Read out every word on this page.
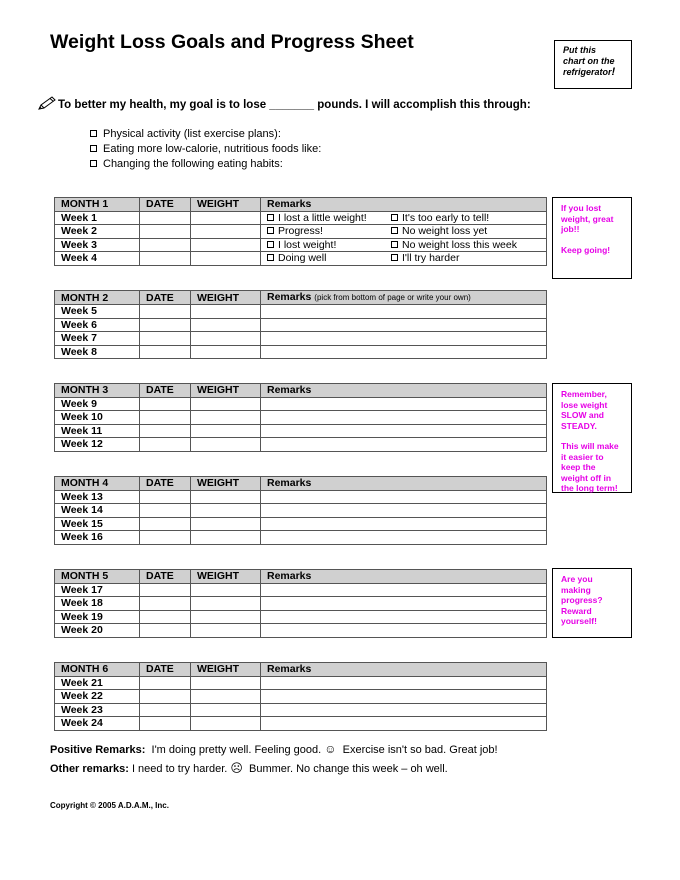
Weight Loss Goals and Progress Sheet	Put this
chart on the
refrigerator!
To better my health, my goal is to lose _______ pounds. I will accomplish this through:
Physical activity (list exercise plans):
Eating more low-calorie, nutritious foods like:
Changing the following eating habits:
MONTH 1	DATE	WEIGHT	Remarks
Week 1			I lost a little weight! It's too early to tell!
Week 2			Progress! No weight loss yet
Week 3			I lost weight! No weight loss this week
Week 4			Doing well I'll try harder
MONTH 2	DATE	WEIGHT	Remarks (pick from bottom of page or write your own)
Week 5			
Week 6			
Week 7			
Week 8			
MONTH 3	DATE	WEIGHT	Remarks
Week 9			
Week 10			
Week 11			
Week 12			
MONTH 4	DATE	WEIGHT	Remarks
Week 13			
Week 14			
Week 15			
Week 16			
MONTH 5	DATE	WEIGHT	Remarks
Week 17			
Week 18			
Week 19			
Week 20			
MONTH 6	DATE	WEIGHT	Remarks
Week 21			
Week 22			
Week 23			
Week 24			

If you lost weight, great job!!

Keep going!

Remember, lose weight SLOW and STEADY.

This will make it easier to keep the weight off in the long term!

Are you making progress? Reward yourself!

Positive Remarks: I'm doing pretty well. Feeling good. ☺ Exercise isn't so bad. Great job!
Other remarks: I need to try harder. ☹ Bummer. No change this week – oh well.
Copyright © 2005 A.D.A.M., Inc.
